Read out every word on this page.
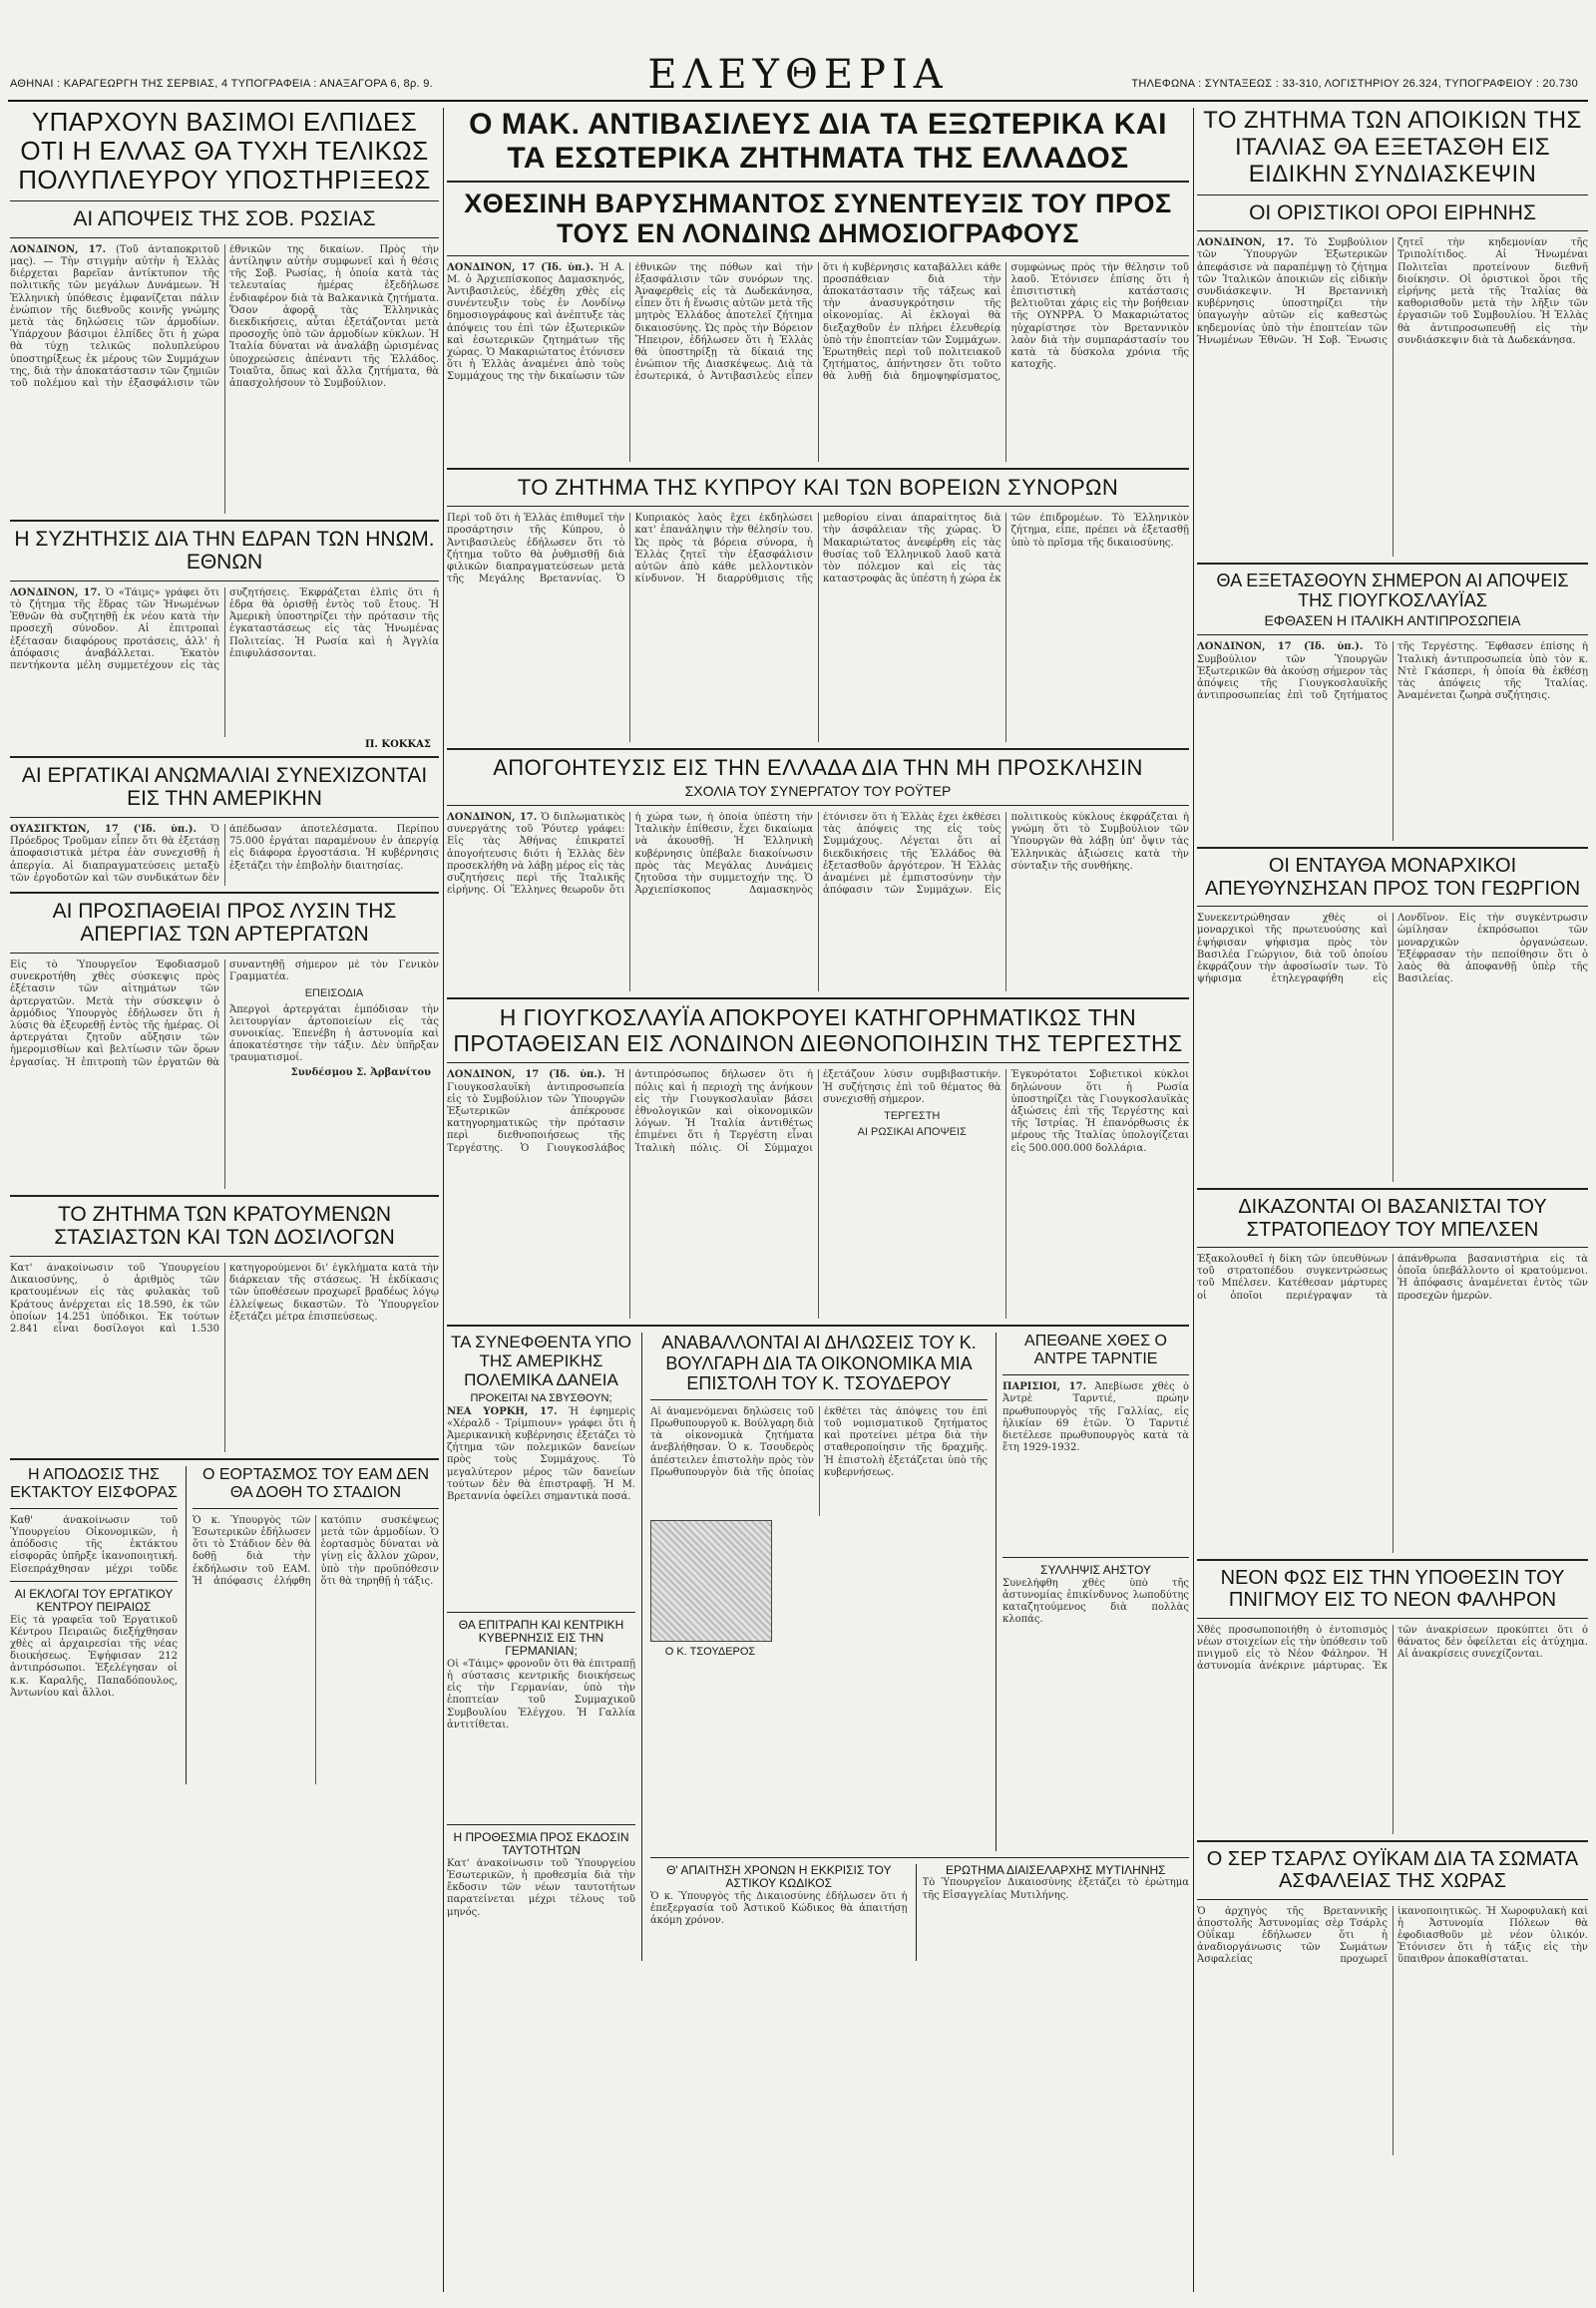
ΕΛΕΥΘΕΡΙΑ
ΑΘΗΝΑΙ : ΚΑΡΑΓΕΩΡΓΗ ΤΗΣ ΣΕΡΒΙΑΣ, 4 ΤΥΠΟΓΡΑΦΕΙΑ : ΑΝΑΞΑΓΟΡΑ 6, 8ρ. 9.	ΤΗΛΕΦΩΝΑ : ΣΥΝΤΑΞΕΩΣ : 33-310, ΛΟΓΙΣΤΗΡΙΟΥ 26.324, ΤΥΠΟΓΡΑΦΕΙΟΥ : 20.730
ΥΠΑΡΧΟΥΝ ΒΑΣΙΜΟΙ ΕΛΠΙΔΕΣ ΟΤΙ Η ΕΛΛΑΣ ΘΑ ΤΥΧΗ ΤΕΛΙΚΩΣ ΠΟΛΥΠΛΕΥΡΟΥ ΥΠΟΣΤΗΡΙΞΕΩΣ
ΑΙ ΑΠΟΨΕΙΣ ΤΗΣ ΣΟΒ. ΡΩΣΙΑΣ
ΛΟΝΔΙΝΟΝ, 17. (Τοῦ ἀνταποκριτοῦ μας). — Τὴν στιγμὴν αὐτὴν ἡ Ἑλλὰς διέρχεται βαρεῖαν ἀντίκτυπον τῆς πολιτικῆς τῶν μεγάλων Δυνάμεων. Ἡ Ἑλληνικὴ ὑπόθεσις ἐμφανίζεται πάλιν ἐνώπιον τῆς διεθνοῦς κοινῆς γνώμης μετὰ τὰς δηλώσεις τῶν ἁρμοδίων. Ὑπάρχουν βάσιμοι ἐλπίδες ὅτι ἡ χώρα θὰ τύχῃ τελικῶς πολυπλεύρου ὑποστηρίξεως ἐκ μέρους τῶν Συμμάχων της, διὰ τὴν ἀποκατάστασιν τῶν ζημιῶν τοῦ πολέμου καὶ τὴν ἐξασφάλισιν τῶν ἐθνικῶν της δικαίων. Πρὸς τὴν ἀντίληψιν αὐτὴν συμφωνεῖ καὶ ἡ θέσις τῆς Σοβ. Ρωσίας, ἡ ὁποία κατὰ τὰς τελευταίας ἡμέρας ἐξεδήλωσε ἐνδιαφέρον διὰ τὰ Βαλκανικὰ ζητήματα. Ὅσον ἀφορᾷ τὰς Ἑλληνικὰς διεκδικήσεις, αὗται ἐξετάζονται μετὰ προσοχῆς ὑπὸ τῶν ἁρμοδίων κύκλων. Ἡ Ἰταλία δύναται νὰ ἀναλάβῃ ὡρισμένας ὑποχρεώσεις ἀπέναντι τῆς Ἑλλάδος. Τοιαῦτα, ὅπως καὶ ἄλλα ζητήματα, θὰ ἀπασχολήσουν τὸ Συμβούλιον.
Η ΣΥΖΗΤΗΣΙΣ ΔΙΑ ΤΗΝ ΕΔΡΑΝ ΤΩΝ ΗΝΩΜ. ΕΘΝΩΝ
ΛΟΝΔΙΝΟΝ, 17. Ὁ «Τάιμς» γράφει ὅτι τὸ ζήτημα τῆς ἕδρας τῶν Ἡνωμένων Ἐθνῶν θὰ συζητηθῇ ἐκ νέου κατὰ τὴν προσεχῆ σύνοδον. Αἱ ἐπιτροπαὶ ἐξέτασαν διαφόρους προτάσεις, ἀλλ' ἡ ἀπόφασις ἀναβάλλεται. Ἑκατὸν πεντήκοντα μέλη συμμετέχουν εἰς τὰς συζητήσεις. Ἐκφράζεται ἐλπὶς ὅτι ἡ ἑδρα θὰ ὁρισθῇ ἐντὸς τοῦ ἔτους. Ἡ Ἀμερικὴ ὑποστηρίζει τὴν πρότασιν τῆς ἐγκαταστάσεως εἰς τὰς Ἡνωμένας Πολιτείας. Ἡ Ρωσία καὶ ἡ Ἀγγλία ἐπιφυλάσσονται.
Π. ΚΟΚΚΑΣ
ΑΙ ΕΡΓΑΤΙΚΑΙ ΑΝΩΜΑΛΙΑΙ ΣΥΝΕΧΙΖΟΝΤΑΙ ΕΙΣ ΤΗΝ ΑΜΕΡΙΚΗΝ
ΟΥΑΣΙΓΚΤΩΝ, 17 ('Ιδ. ὑπ.). Ὁ Πρόεδρος Τροῦμαν εἶπεν ὅτι θὰ ἐξετάσῃ ἀποφασιστικὰ μέτρα ἐὰν συνεχισθῇ ἡ ἀπεργία. Αἱ διαπραγματεύσεις μεταξὺ τῶν ἐργοδοτῶν καὶ τῶν συνδικάτων δὲν ἀπέδωσαν ἀποτελέσματα. Περίπου 75.000 ἐργάται παραμένουν ἐν ἀπεργίᾳ εἰς διάφορα ἐργοστάσια. Ἡ κυβέρνησις ἐξετάζει τὴν ἐπιβολὴν διαιτησίας.
ΑΙ ΠΡΟΣΠΑΘΕΙΑΙ ΠΡΟΣ ΛΥΣΙΝ ΤΗΣ ΑΠΕΡΓΙΑΣ ΤΩΝ ΑΡΤΕΡΓΑΤΩΝ
Εἰς τὸ Ὑπουργεῖον Ἐφοδιασμοῦ συνεκροτήθη χθὲς σύσκεψις πρὸς ἐξέτασιν τῶν αἰτημάτων τῶν ἀρτεργατῶν. Μετὰ τὴν σύσκεψιν ὁ ἁρμόδιος Ὑπουργὸς ἐδήλωσεν ὅτι ἡ λύσις θὰ ἐξευρεθῇ ἐντὸς τῆς ἡμέρας. Οἱ ἀρτεργάται ζητοῦν αὔξησιν τῶν ἡμερομισθίων καὶ βελτίωσιν τῶν ὅρων ἐργασίας. Ἡ ἐπιτροπὴ τῶν ἐργατῶν θὰ συναντηθῇ σήμερον μὲ τὸν Γενικὸν Γραμματέα.
ΕΠΕΙΣΟΔΙΑ
Ἀπεργοὶ ἀρτεργάται ἐμπόδισαν τὴν λειτουργίαν ἀρτοποιείων εἰς τὰς συνοικίας. Ἐπενέβη ἡ ἀστυνομία καὶ ἀποκατέστησε τὴν τάξιν. Δὲν ὑπῆρξαν τραυματισμοί.
Συνδέσμου Σ. Ἀρβανίτου
ΤΟ ΖΗΤΗΜΑ ΤΩΝ ΚΡΑΤΟΥΜΕΝΩΝ ΣΤΑΣΙΑΣΤΩΝ ΚΑΙ ΤΩΝ ΔΟΣΙΛΟΓΩΝ
Κατ' ἀνακοίνωσιν τοῦ Ὑπουργείου Δικαιοσύνης, ὁ ἀριθμὸς τῶν κρατουμένων εἰς τὰς φυλακὰς τοῦ Κράτους ἀνέρχεται εἰς 18.590, ἐκ τῶν ὁποίων 14.251 ὑπόδικοι. Ἐκ τούτων 2.841 εἶναι δοσίλογοι καὶ 1.530 κατηγορούμενοι δι' ἐγκλήματα κατὰ τὴν διάρκειαν τῆς στάσεως. Ἡ ἐκδίκασις τῶν ὑποθέσεων προχωρεῖ βραδέως λόγῳ ἐλλείψεως δικαστῶν. Τὸ Ὑπουργεῖον ἐξετάζει μέτρα ἐπισπεύσεως.
Η ΑΠΟΔΟΣΙΣ ΤΗΣ ΕΚΤΑΚΤΟΥ ΕΙΣΦΟΡΑΣ
Καθ' ἀνακοίνωσιν τοῦ Ὑπουργείου Οἰκονομικῶν, ἡ ἀπόδοσις τῆς ἐκτάκτου εἰσφορᾶς ὑπῆρξε ἱκανοποιητική. Εἰσεπράχθησαν μέχρι τοῦδε
ΑΙ ΕΚΛΟΓΑΙ ΤΟΥ ΕΡΓΑΤΙΚΟΥ ΚΕΝΤΡΟΥ ΠΕΙΡΑΙΩΣ
Εἰς τὰ γραφεῖα τοῦ Ἐργατικοῦ Κέντρου Πειραιῶς διεξήχθησαν χθὲς αἱ ἀρχαιρεσίαι τῆς νέας διοικήσεως. Ἐψήφισαν 212 ἀντιπρόσωποι. Ἐξελέγησαν οἱ κ.κ. Καραλῆς, Παπαδόπουλος, Ἀντωνίου καὶ ἄλλοι.
Ο ΕΟΡΤΑΣΜΟΣ ΤΟΥ ΕΑΜ ΔΕΝ ΘΑ ΔΟΘΗ ΤΟ ΣΤΑΔΙΟΝ
Ὁ κ. Ὑπουργὸς τῶν Ἐσωτερικῶν ἐδήλωσεν ὅτι τὸ Στάδιον δὲν θὰ δοθῇ διὰ τὴν ἐκδήλωσιν τοῦ ΕΑΜ. Ἡ ἀπόφασις ἐλήφθη κατόπιν συσκέψεως μετὰ τῶν ἁρμοδίων. Ὁ ἑορτασμὸς δύναται νὰ γίνῃ εἰς ἄλλον χῶρον, ὑπὸ τὴν προϋπόθεσιν ὅτι θὰ τηρηθῇ ἡ τάξις.
Ο ΜΑΚ. ΑΝΤΙΒΑΣΙΛΕΥΣ ΔΙΑ ΤΑ ΕΞΩΤΕΡΙΚΑ ΚΑΙ ΤΑ ΕΣΩΤΕΡΙΚΑ ΖΗΤΗΜΑΤΑ ΤΗΣ ΕΛΛΑΔΟΣ
ΧΘΕΣΙΝΗ ΒΑΡΥΣΗΜΑΝΤΟΣ ΣΥΝΕΝΤΕΥΞΙΣ ΤΟΥ ΠΡΟΣ ΤΟΥΣ ΕΝ ΛΟΝΔΙΝΩ ΔΗΜΟΣΙΟΓΡΑΦΟΥΣ
ΛΟΝΔΙΝΟΝ, 17 (Ἰδ. ὑπ.). Ἡ Α. Μ. ὁ Ἀρχιεπίσκοπος Δαμασκηνός, Ἀντιβασιλεύς, ἐδέχθη χθὲς εἰς συνέντευξιν τοὺς ἐν Λονδίνῳ δημοσιογράφους καὶ ἀνέπτυξε τὰς ἀπόψεις του ἐπὶ τῶν ἐξωτερικῶν καὶ ἐσωτερικῶν ζητημάτων τῆς χώρας. Ὁ Μακαριώτατος ἐτόνισεν ὅτι ἡ Ἑλλὰς ἀναμένει ἀπὸ τοὺς Συμμάχους της τὴν δικαίωσιν τῶν ἐθνικῶν της πόθων καὶ τὴν ἐξασφάλισιν τῶν συνόρων της. Ἀναφερθεὶς εἰς τὰ Δωδεκάνησα, εἶπεν ὅτι ἡ ἕνωσις αὐτῶν μετὰ τῆς μητρὸς Ἑλλάδος ἀποτελεῖ ζήτημα δικαιοσύνης. Ὡς πρὸς τὴν Βόρειον Ἤπειρον, ἐδήλωσεν ὅτι ἡ Ἑλλὰς θὰ ὑποστηρίξῃ τὰ δίκαιά της ἐνώπιον τῆς Διασκέψεως. Διὰ τὰ ἐσωτερικά, ὁ Ἀντιβασιλεὺς εἶπεν ὅτι ἡ κυβέρνησις καταβάλλει κάθε προσπάθειαν διὰ τὴν ἀποκατάστασιν τῆς τάξεως καὶ τὴν ἀνασυγκρότησιν τῆς οἰκονομίας. Αἱ ἐκλογαὶ θὰ διεξαχθοῦν ἐν πλήρει ἐλευθερίᾳ ὑπὸ τὴν ἐποπτείαν τῶν Συμμάχων. Ἐρωτηθεὶς περὶ τοῦ πολιτειακοῦ ζητήματος, ἀπήντησεν ὅτι τοῦτο θὰ λυθῇ διὰ δημοψηφίσματος, συμφώνως πρὸς τὴν θέλησιν τοῦ λαοῦ. Ἐτόνισεν ἐπίσης ὅτι ἡ ἐπισιτιστικὴ κατάστασις βελτιοῦται χάρις εἰς τὴν βοήθειαν τῆς ΟΥΝΡΡΑ. Ὁ Μακαριώτατος ηὐχαρίστησε τὸν Βρεταννικὸν λαὸν διὰ τὴν συμπαράστασίν του κατὰ τὰ δύσκολα χρόνια τῆς κατοχῆς.
ΤΟ ΖΗΤΗΜΑ ΤΗΣ ΚΥΠΡΟΥ ΚΑΙ ΤΩΝ ΒΟΡΕΙΩΝ ΣΥΝΟΡΩΝ
Περὶ τοῦ ὅτι ἡ Ἑλλὰς ἐπιθυμεῖ τὴν προσάρτησιν τῆς Κύπρου, ὁ Ἀντιβασιλεὺς ἐδήλωσεν ὅτι τὸ ζήτημα τοῦτο θὰ ῥυθμισθῇ διὰ φιλικῶν διαπραγματεύσεων μετὰ τῆς Μεγάλης Βρεταννίας. Ὁ Κυπριακὸς λαὸς ἔχει ἐκδηλώσει κατ' ἐπανάληψιν τὴν θέλησίν του. Ὡς πρὸς τὰ βόρεια σύνορα, ἡ Ἑλλὰς ζητεῖ τὴν ἐξασφάλισιν αὐτῶν ἀπὸ κάθε μελλοντικὸν κίνδυνον. Ἡ διαρρύθμισις τῆς μεθορίου εἶναι ἀπαραίτητος διὰ τὴν ἀσφάλειαν τῆς χώρας. Ὁ Μακαριώτατος ἀνεφέρθη εἰς τὰς θυσίας τοῦ Ἑλληνικοῦ λαοῦ κατὰ τὸν πόλεμον καὶ εἰς τὰς καταστροφὰς ἃς ὑπέστη ἡ χώρα ἐκ τῶν ἐπιδρομέων. Τὸ Ἑλληνικὸν ζήτημα, εἶπε, πρέπει νὰ ἐξετασθῇ ὑπὸ τὸ πρῖσμα τῆς δικαιοσύνης.
ΑΠΟΓΟΗΤΕΥΣΙΣ ΕΙΣ ΤΗΝ ΕΛΛΑΔΑ ΔΙΑ ΤΗΝ ΜΗ ΠΡΟΣΚΛΗΣΙΝ
ΣΧΟΛΙΑ ΤΟΥ ΣΥΝΕΡΓΑΤΟΥ ΤΟΥ ΡΟΫΤΕΡ
ΛΟΝΔΙΝΟΝ, 17. Ὁ διπλωματικὸς συνεργάτης τοῦ Ῥόυτερ γράφει: Εἰς τὰς Ἀθήνας ἐπικρατεῖ ἀπογοήτευσις διότι ἡ Ἑλλὰς δὲν προσεκλήθη νὰ λάβῃ μέρος εἰς τὰς συζητήσεις περὶ τῆς Ἰταλικῆς εἰρήνης. Οἱ Ἕλληνες θεωροῦν ὅτι ἡ χώρα των, ἡ ὁποία ὑπέστη τὴν Ἰταλικὴν ἐπίθεσιν, ἔχει δικαίωμα νὰ ἀκουσθῇ. Ἡ Ἑλληνικὴ κυβέρνησις ὑπέβαλε διακοίνωσιν πρὸς τὰς Μεγάλας Δυνάμεις ζητοῦσα τὴν συμμετοχήν της. Ὁ Ἀρχιεπίσκοπος Δαμασκηνὸς ἐτόνισεν ὅτι ἡ Ἑλλὰς ἔχει ἐκθέσει τὰς ἀπόψεις της εἰς τοὺς Συμμάχους. Λέγεται ὅτι αἱ διεκδικήσεις τῆς Ἑλλάδος θὰ ἐξετασθοῦν ἀργότερον. Ἡ Ἑλλὰς ἀναμένει μὲ ἐμπιστοσύνην τὴν ἀπόφασιν τῶν Συμμάχων. Εἰς πολιτικοὺς κύκλους ἐκφράζεται ἡ γνώμη ὅτι τὸ Συμβούλιον τῶν Ὑπουργῶν θὰ λάβῃ ὑπ' ὄψιν τὰς Ἑλληνικὰς ἀξιώσεις κατὰ τὴν σύνταξιν τῆς συνθήκης.
Η ΓΙΟΥΓΚΟΣΛΑΥΪΑ ΑΠΟΚΡΟΥΕΙ ΚΑΤΗΓΟΡΗΜΑΤΙΚΩΣ ΤΗΝ ΠΡΟΤΑΘΕΙΣΑΝ ΕΙΣ ΛΟΝΔΙΝΟΝ ΔΙΕΘΝΟΠΟΙΗΣΙΝ ΤΗΣ ΤΕΡΓΕΣΤΗΣ
ΛΟΝΔΙΝΟΝ, 17 (Ἰδ. ὑπ.). Ἡ Γιουγκοσλαυϊκὴ ἀντιπροσωπεία εἰς τὸ Συμβούλιον τῶν Ὑπουργῶν Ἐξωτερικῶν ἀπέκρουσε κατηγορηματικῶς τὴν πρότασιν περὶ διεθνοποιήσεως τῆς Τεργέστης. Ὁ Γιουγκοσλάβος ἀντιπρόσωπος δήλωσεν ὅτι ἡ πόλις καὶ ἡ περιοχὴ της ἀνήκουν εἰς τὴν Γιουγκοσλαυΐαν βάσει ἐθνολογικῶν καὶ οἰκονομικῶν λόγων. Ἡ Ἰταλία ἀντιθέτως ἐπιμένει ὅτι ἡ Τεργέστη εἶναι Ἰταλικὴ πόλις. Οἱ Σύμμαχοι ἐξετάζουν λύσιν συμβιβαστικήν. Ἡ συζήτησις ἐπὶ τοῦ θέματος θὰ συνεχισθῇ σήμερον.
ΤΕΡΓΕΣΤΗ
ΑΙ ΡΩΣΙΚΑΙ ΑΠΟΨΕΙΣ
Ἐγκυρότατοι Σοβιετικοὶ κύκλοι δηλώνουν ὅτι ἡ Ρωσία ὑποστηρίζει τὰς Γιουγκοσλαυϊκὰς ἀξιώσεις ἐπὶ τῆς Τεργέστης καὶ τῆς Ἰστρίας. Ἡ ἐπανόρθωσις ἐκ μέρους τῆς Ἰταλίας ὑπολογίζεται εἰς 500.000.000 δολλάρια.
ΤΑ ΣΥΝΕΦΘΕΝΤΑ ΥΠΟ ΤΗΣ ΑΜΕΡΙΚΗΣ ΠΟΛΕΜΙΚΑ ΔΑΝΕΙΑ
ΠΡΟΚΕΙΤΑΙ ΝΑ ΣΒΥΣΘΟΥΝ;
ΝΕΑ ΥΟΡΚΗ, 17. Ἡ ἐφημερὶς «Χέραλδ - Τρίμπιουν» γράφει ὅτι ἡ Ἀμερικανικὴ κυβέρνησις ἐξετάζει τὸ ζήτημα τῶν πολεμικῶν δανείων πρὸς τοὺς Συμμάχους. Τὸ μεγαλύτερον μέρος τῶν δανείων τούτων δὲν θὰ ἐπιστραφῇ. Ἡ Μ. Βρεταννία ὀφείλει σημαντικὰ ποσά.
ΘΑ ΕΠΙΤΡΑΠΗ ΚΑΙ ΚΕΝΤΡΙΚΗ ΚΥΒΕΡΝΗΣΙΣ ΕΙΣ ΤΗΝ ΓΕΡΜΑΝΙΑΝ;
Οἱ «Τάιμς» φρονοῦν ὅτι θὰ ἐπιτραπῇ ἡ σύστασις κεντρικῆς διοικήσεως εἰς τὴν Γερμανίαν, ὑπὸ τὴν ἐποπτείαν τοῦ Συμμαχικοῦ Συμβουλίου Ἐλέγχου. Ἡ Γαλλία ἀντιτίθεται.
Η ΠΡΟΘΕΣΜΙΑ ΠΡΟΣ ΕΚΔΟΣΙΝ ΤΑΥΤΟΤΗΤΩΝ
Κατ' ἀνακοίνωσιν τοῦ Ὑπουργείου Ἐσωτερικῶν, ἡ προθεσμία διὰ τὴν ἔκδοσιν τῶν νέων ταυτοτήτων παρατείνεται μέχρι τέλους τοῦ μηνός.
ΑΝΑΒΑΛΛΟΝΤΑΙ ΑΙ ΔΗΛΩΣΕΙΣ ΤΟΥ Κ. ΒΟΥΛΓΑΡΗ ΔΙΑ ΤΑ ΟΙΚΟΝΟΜΙΚΑ ΜΙΑ ΕΠΙΣΤΟΛΗ ΤΟΥ Κ. ΤΣΟΥΔΕΡΟΥ
Αἱ ἀναμενόμεναι δηλώσεις τοῦ Πρωθυπουργοῦ κ. Βούλγαρη διὰ τὰ οἰκονομικὰ ζητήματα ἀνεβλήθησαν. Ὁ κ. Τσουδερὸς ἀπέστειλεν ἐπιστολὴν πρὸς τὸν Πρωθυπουργὸν διὰ τῆς ὁποίας ἐκθέτει τὰς ἀπόψεις του ἐπὶ τοῦ νομισματικοῦ ζητήματος καὶ προτείνει μέτρα διὰ τὴν σταθεροποίησιν τῆς δραχμῆς. Ἡ ἐπιστολὴ ἐξετάζεται ὑπὸ τῆς κυβερνήσεως.
Ο Κ. ΤΣΟΥΔΕΡΟΣ
ΑΠΕΘΑΝΕ ΧΘΕΣ Ο ΑΝΤΡΕ ΤΑΡΝΤΙΕ
ΠΑΡΙΣΙΟΙ, 17. Ἀπεβίωσε χθὲς ὁ Ἀντρὲ Ταρντιέ, πρώην πρωθυπουργὸς τῆς Γαλλίας, εἰς ἡλικίαν 69 ἐτῶν. Ὁ Ταρντιέ διετέλεσε πρωθυπουργὸς κατὰ τὰ ἔτη 1929-1932.
ΣΥΛΛΗΨΙΣ ΑΗΣΤΟΥ
Συνελήφθη χθὲς ὑπὸ τῆς ἀστυνομίας ἐπικίνδυνος λωποδύτης καταζητούμενος διὰ πολλὰς κλοπάς.
Θ' ΑΠΑΙΤΗΣΗ ΧΡΟΝΩΝ Η ΕΚΚΡΙΣΙΣ ΤΟΥ ΑΣΤΙΚΟΥ ΚΩΔΙΚΟΣ
Ὁ κ. Ὑπουργὸς τῆς Δικαιοσύνης ἐδήλωσεν ὅτι ἡ ἐπεξεργασία τοῦ Ἀστικοῦ Κώδικος θὰ ἀπαιτήσῃ ἀκόμη χρόνον.
ΕΡΩΤΗΜΑ ΔΙΑΙΣΕΛΑΡΧΗΣ ΜΥΤΙΛΗΝΗΣ
Τὸ Ὑπουργεῖον Δικαιοσύνης ἐξετάζει τὸ ἐρώτημα τῆς Εἰσαγγελίας Μυτιλήνης.
ΤΟ ΖΗΤΗΜΑ ΤΩΝ ΑΠΟΙΚΙΩΝ ΤΗΣ ΙΤΑΛΙΑΣ ΘΑ ΕΞΕΤΑΣΘΗ ΕΙΣ ΕΙΔΙΚΗΝ ΣΥΝΔΙΑΣΚΕΨΙΝ
ΟΙ ΟΡΙΣΤΙΚΟΙ ΟΡΟΙ ΕΙΡΗΝΗΣ
ΛΟΝΔΙΝΟΝ, 17. Τὸ Συμβούλιον τῶν Ὑπουργῶν Ἐξωτερικῶν ἀπεφάσισε νὰ παραπέμψῃ τὸ ζήτημα τῶν Ἰταλικῶν ἀποικιῶν εἰς εἰδικὴν συνδιάσκεψιν. Ἡ Βρεταννικὴ κυβέρνησις ὑποστηρίζει τὴν ὑπαγωγὴν αὐτῶν εἰς καθεστὼς κηδεμονίας ὑπὸ τὴν ἐποπτείαν τῶν Ἡνωμένων Ἐθνῶν. Ἡ Σοβ. Ἕνωσις ζητεῖ τὴν κηδεμονίαν τῆς Τριπολίτιδος. Αἱ Ἡνωμέναι Πολιτεῖαι προτείνουν διεθνῆ διοίκησιν. Οἱ ὁριστικοὶ ὅροι τῆς εἰρήνης μετὰ τῆς Ἰταλίας θὰ καθορισθοῦν μετὰ τὴν λῆξιν τῶν ἐργασιῶν τοῦ Συμβουλίου. Ἡ Ἑλλὰς θὰ ἀντιπροσωπευθῇ εἰς τὴν συνδιάσκεψιν διὰ τὰ Δωδεκάνησα.
ΘΑ ΕΞΕΤΑΣΘΟΥΝ ΣΗΜΕΡΟΝ ΑΙ ΑΠΟΨΕΙΣ ΤΗΣ ΓΙΟΥΓΚΟΣΛΑΥΪΑΣ
ΕΦΘΑΣΕΝ Η ΙΤΑΛΙΚΗ ΑΝΤΙΠΡΟΣΩΠΕΙΑ
ΛΟΝΔΙΝΟΝ, 17 (Ἰδ. ὑπ.). Τὸ Συμβούλιον τῶν Ὑπουργῶν Ἐξωτερικῶν θὰ ἀκούσῃ σήμερον τὰς ἀπόψεις τῆς Γιουγκοσλαυϊκῆς ἀντιπροσωπείας ἐπὶ τοῦ ζητήματος τῆς Τεργέστης. Ἔφθασεν ἐπίσης ἡ Ἰταλικὴ ἀντιπροσωπεία ὑπὸ τὸν κ. Ντὲ Γκάσπερι, ἡ ὁποία θὰ ἐκθέσῃ τὰς ἀπόψεις τῆς Ἰταλίας. Ἀναμένεται ζωηρὰ συζήτησις.
ΟΙ ΕΝΤΑΥΘΑ ΜΟΝΑΡΧΙΚΟΙ ΑΠΕΥΘΥΝΣΗΣΑΝ ΠΡΟΣ ΤΟΝ ΓΕΩΡΓΙΟΝ
Συνεκεντρώθησαν χθὲς οἱ μοναρχικοὶ τῆς πρωτευούσης καὶ ἐψήφισαν ψήφισμα πρὸς τὸν Βασιλέα Γεώργιον, διὰ τοῦ ὁποίου ἐκφράζουν τὴν ἀφοσίωσίν των. Τὸ ψήφισμα ἐτηλεγραφήθη εἰς Λονδῖνον. Εἰς τὴν συγκέντρωσιν ὡμίλησαν ἐκπρόσωποι τῶν μοναρχικῶν ὀργανώσεων. Ἐξέφρασαν τὴν πεποίθησιν ὅτι ὁ λαὸς θὰ ἀποφανθῇ ὑπὲρ τῆς Βασιλείας.
ΔΙΚΑΖΟΝΤΑΙ ΟΙ ΒΑΣΑΝΙΣΤΑΙ ΤΟΥ ΣΤΡΑΤΟΠΕΔΟΥ ΤΟΥ ΜΠΕΛΣΕΝ
Ἐξακολουθεῖ ἡ δίκη τῶν ὑπευθύνων τοῦ στρατοπέδου συγκεντρώσεως τοῦ Μπέλσεν. Κατέθεσαν μάρτυρες οἱ ὁποῖοι περιέγραψαν τὰ ἀπάνθρωπα βασανιστήρια εἰς τὰ ὁποῖα ὑπεβάλλοντο οἱ κρατούμενοι. Ἡ ἀπόφασις ἀναμένεται ἐντὸς τῶν προσεχῶν ἡμερῶν.
ΝΕΟΝ ΦΩΣ ΕΙΣ ΤΗΝ ΥΠΟΘΕΣΙΝ ΤΟΥ ΠΝΙΓΜΟΥ ΕΙΣ ΤΟ ΝΕΟΝ ΦΑΛΗΡΟΝ
Χθὲς προσωποποιήθη ὁ ἐντοπισμὸς νέων στοιχείων εἰς τὴν ὑπόθεσιν τοῦ πνιγμοῦ εἰς τὸ Νέον Φάληρον. Ἡ ἀστυνομία ἀνέκρινε μάρτυρας. Ἐκ τῶν ἀνακρίσεων προκύπτει ὅτι ὁ θάνατος δὲν ὀφείλεται εἰς ἀτύχημα. Αἱ ἀνακρίσεις συνεχίζονται.
Ο ΣΕΡ ΤΣΑΡΛΣ ΟΥΪΚΑΜ ΔΙΑ ΤΑ ΣΩΜΑΤΑ ΑΣΦΑΛΕΙΑΣ ΤΗΣ ΧΩΡΑΣ
Ὁ ἀρχηγὸς τῆς Βρεταννικῆς ἀποστολῆς Ἀστυνομίας σὲρ Τσάρλς Οὐΐκαμ ἐδήλωσεν ὅτι ἡ ἀναδιοργάνωσις τῶν Σωμάτων Ἀσφαλείας προχωρεῖ ἱκανοποιητικῶς. Ἡ Χωροφυλακὴ καὶ ἡ Ἀστυνομία Πόλεων θὰ ἐφοδιασθοῦν μὲ νέον ὑλικόν. Ἐτόνισεν ὅτι ἡ τάξις εἰς τὴν ὕπαιθρον ἀποκαθίσταται.
